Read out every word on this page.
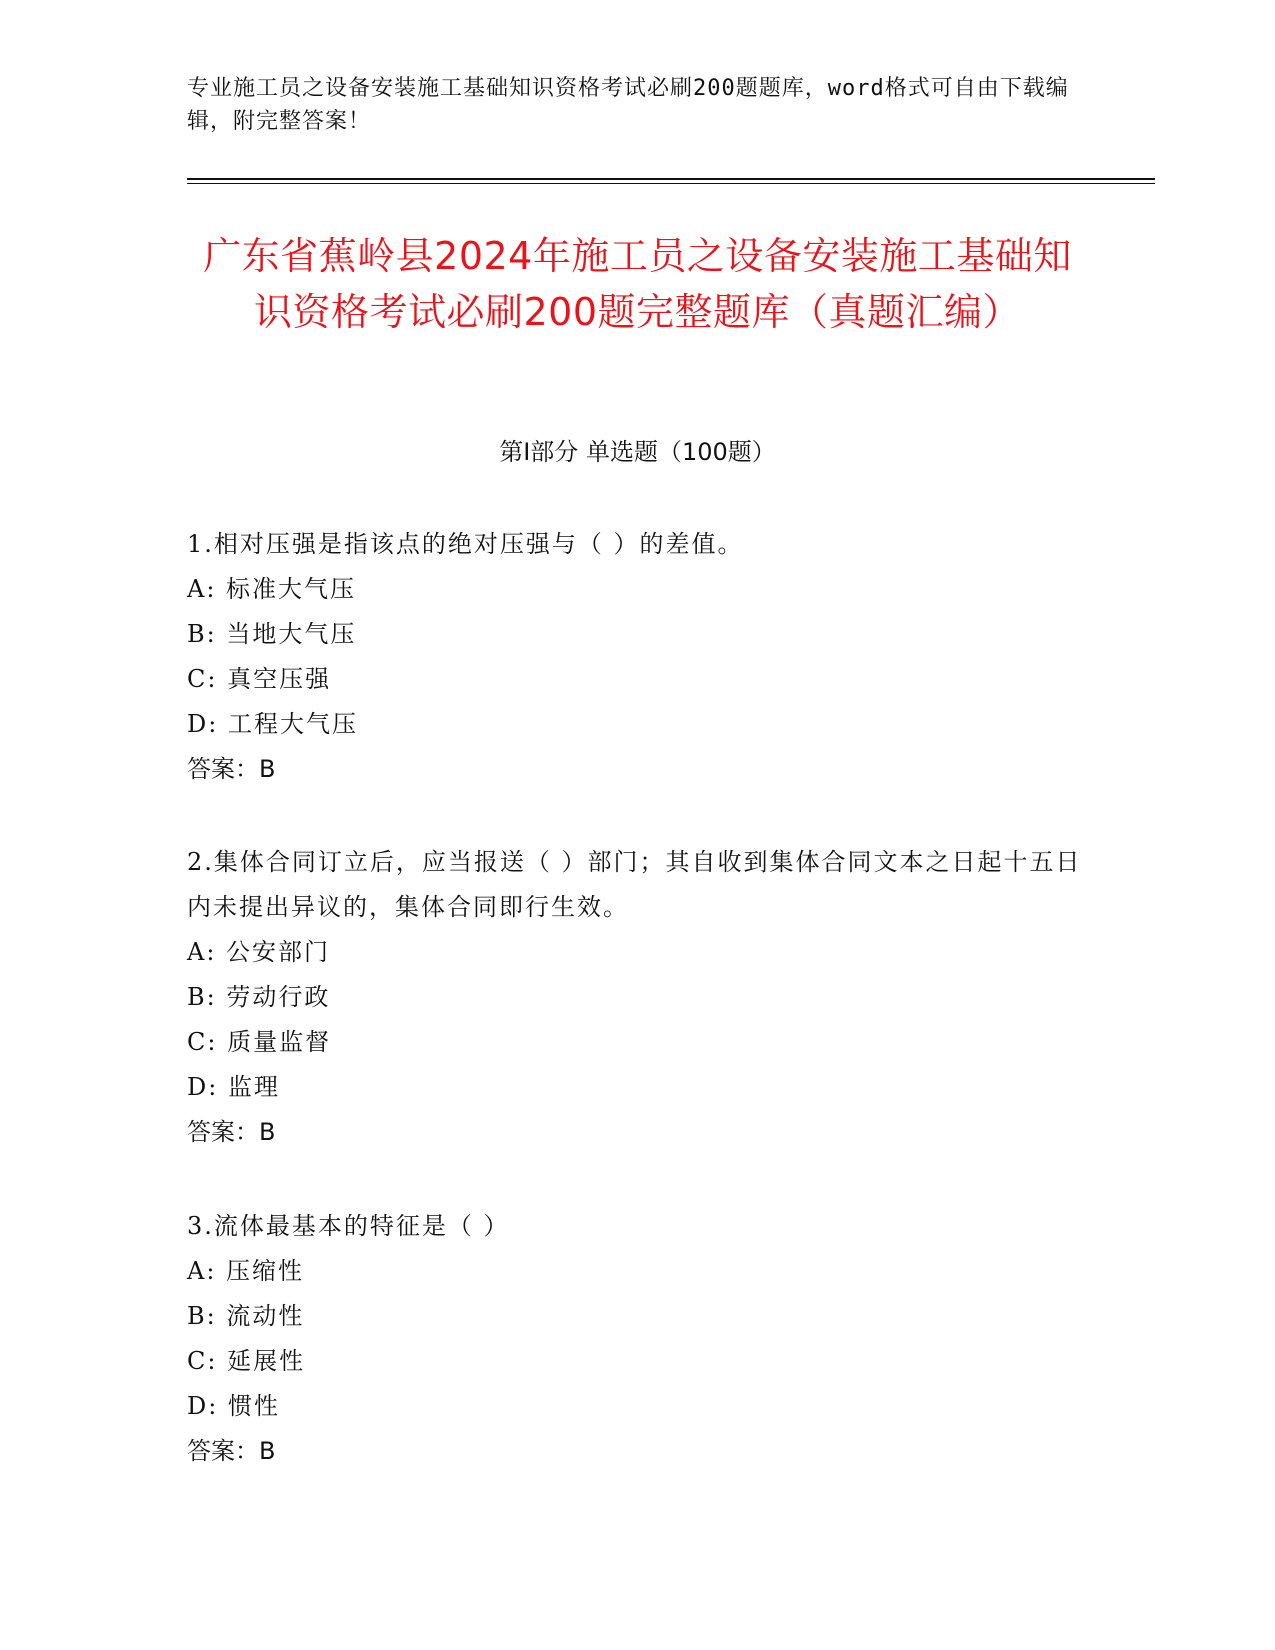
专业施工员之设备安装施工基础知识资格考试必刷200题题库，word格式可自由下载编辑，附完整答案！
广东省蕉岭县2024年施工员之设备安装施工基础知识资格考试必刷200题完整题库（真题汇编）
第Ⅰ部分 单选题（100题）

1.相对压强是指该点的绝对压强与（ ）的差值。

A: 标准大气压

B: 当地大气压

C: 真空压强

D: 工程大气压

答案：B

2.集体合同订立后，应当报送（ ）部门；其自收到集体合同文本之日起十五日内未提出异议的，集体合同即行生效。

A: 公安部门

B: 劳动行政

C: 质量监督

D: 监理

答案：B

3.流体最基本的特征是（ ）

A: 压缩性

B: 流动性

C: 延展性

D: 惯性

答案：B
